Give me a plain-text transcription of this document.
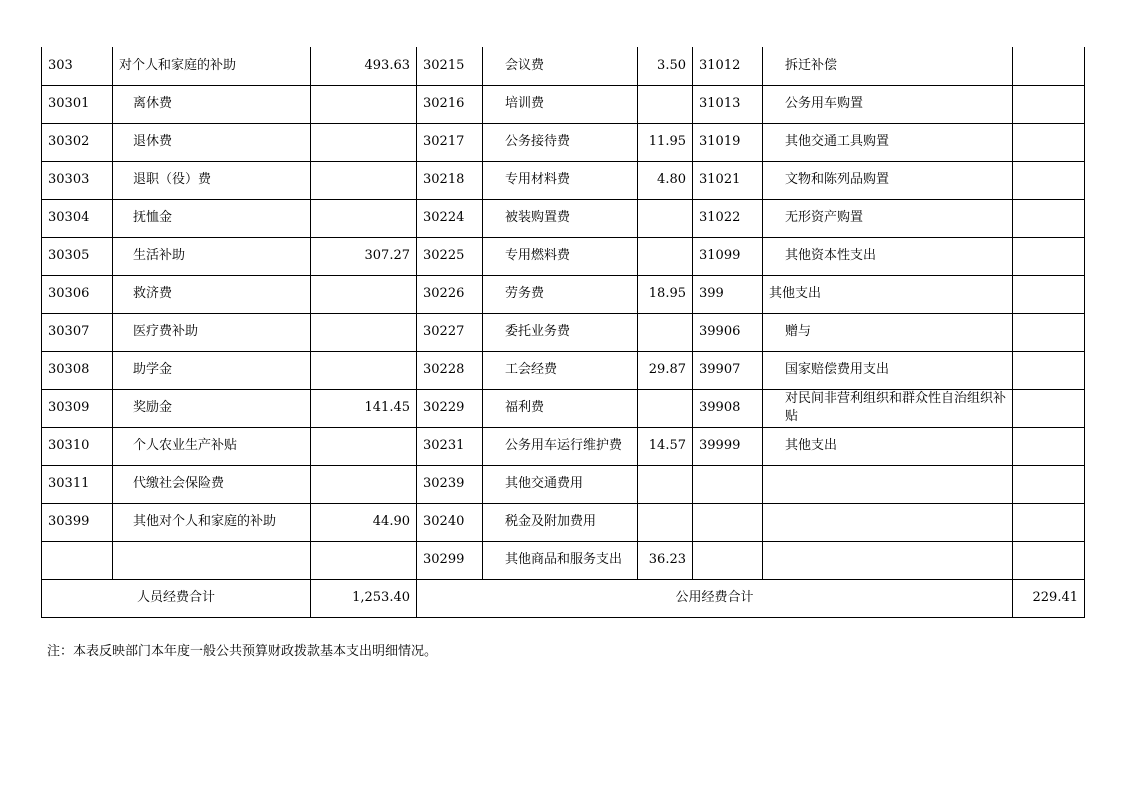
303	对个人和家庭的补助	493.63	30215	会议费	3.50	31012	拆迁补偿	
30301	离休费		30216	培训费		31013	公务用车购置	
30302	退休费		30217	公务接待费	11.95	31019	其他交通工具购置	
30303	退职（役）费		30218	专用材料费	4.80	31021	文物和陈列品购置	
30304	抚恤金		30224	被装购置费		31022	无形资产购置	
30305	生活补助	307.27	30225	专用燃料费		31099	其他资本性支出	
30306	救济费		30226	劳务费	18.95	399	其他支出	
30307	医疗费补助		30227	委托业务费		39906	赠与	
30308	助学金		30228	工会经费	29.87	39907	国家赔偿费用支出	
30309	奖励金	141.45	30229	福利费		39908	对民间非营利组织和群众性自治组织补贴	
30310	个人农业生产补贴		30231	公务用车运行维护费	14.57	39999	其他支出	
30311	代缴社会保险费		30239	其他交通费用				
30399	其他对个人和家庭的补助	44.90	30240	税金及附加费用				
			30299	其他商品和服务支出	36.23			
人员经费合计		1,253.40	公用经费合计					229.41
注：本表反映部门本年度一般公共预算财政拨款基本支出明细情况。
